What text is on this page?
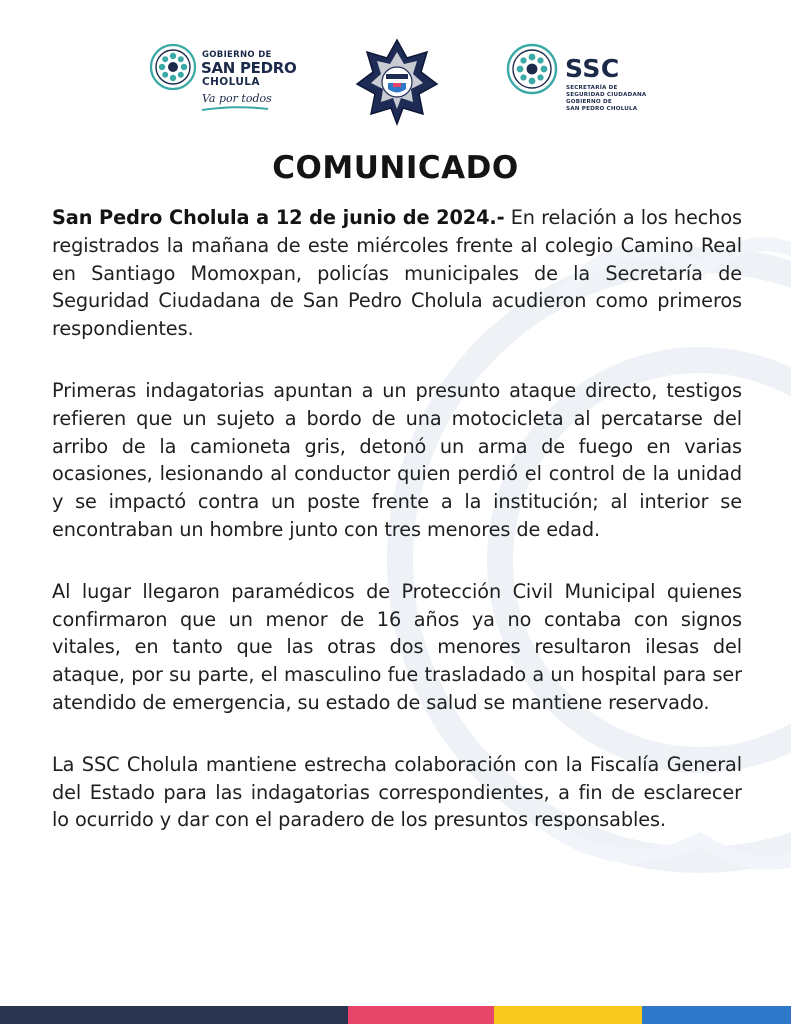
GOBIERNO DE
SAN PEDRO
CHOLULA
Va por todos
SSC
SECRETARÍA DE
SEGURIDAD CIUDADANA
GOBIERNO DE
SAN PEDRO CHOLULA
COMUNICADO

San Pedro Cholula a 12 de junio de 2024.- En relación a los hechos registrados la mañana de este miércoles frente al colegio Camino Real en Santiago Momoxpan, policías municipales de la Secretaría de Seguridad Ciudadana de San Pedro Cholula acudieron como primeros respondientes.

Primeras indagatorias apuntan a un presunto ataque directo, testigos refieren que un sujeto a bordo de una motocicleta al percatarse del arribo de la camioneta gris, detonó un arma de fuego en varias ocasiones, lesionando al conductor quien perdió el control de la unidad y se impactó contra un poste frente a la institución; al interior se encontraban un hombre junto con tres menores de edad.

Al lugar llegaron paramédicos de Protección Civil Municipal quienes confirmaron que un menor de 16 años ya no contaba con signos vitales, en tanto que las otras dos menores resultaron ilesas del ataque, por su parte, el masculino fue trasladado a un hospital para ser atendido de emergencia, su estado de salud se mantiene reservado.

La SSC Cholula mantiene estrecha colaboración con la Fiscalía General del Estado para las indagatorias correspondientes, a fin de esclarecer lo ocurrido y dar con el paradero de los presuntos responsables.
